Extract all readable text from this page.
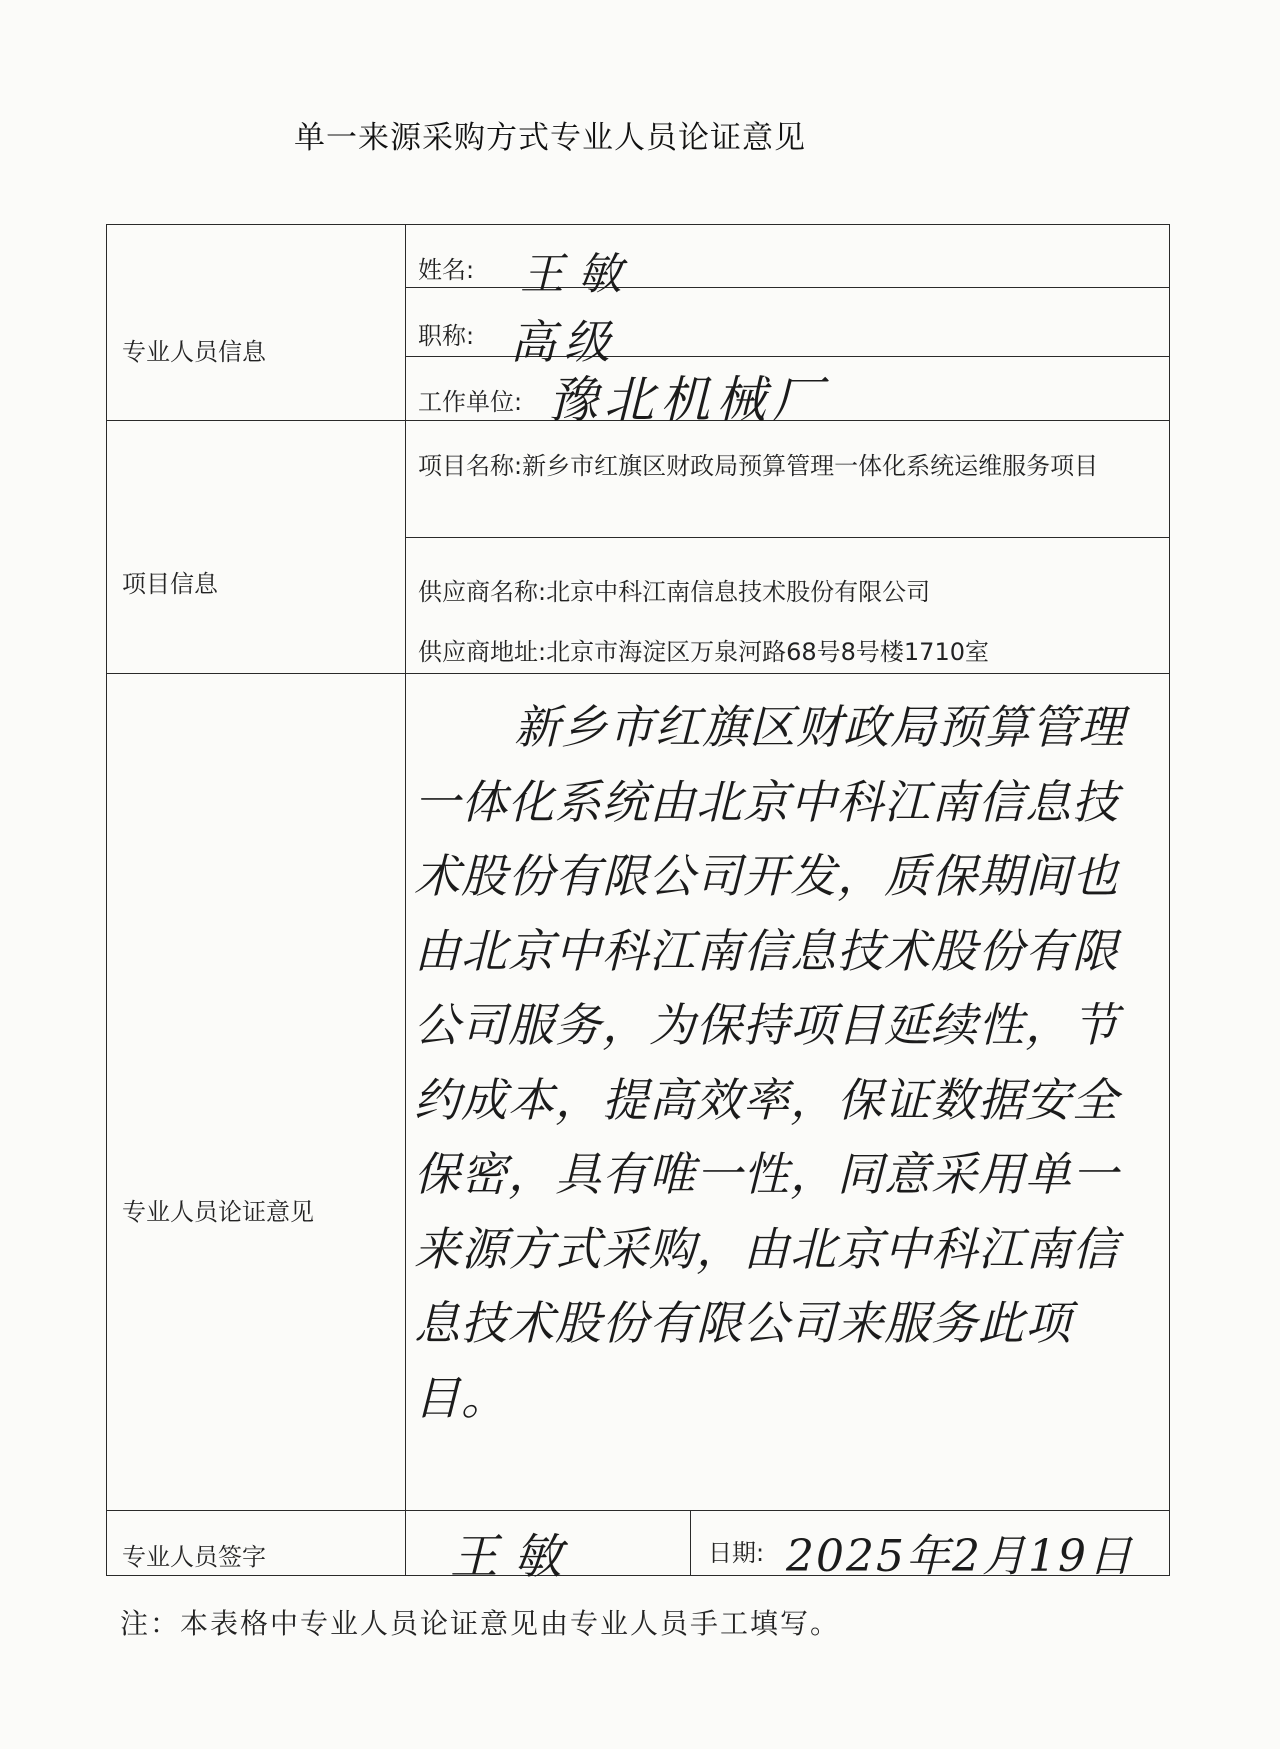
单一来源采购方式专业人员论证意见
专业人员信息
项目信息
专业人员论证意见
专业人员签字
姓名: 王敏
职称: 高级
工作单位: 豫北机械厂
项目名称:新乡市红旗区财政局预算管理一体化系统运维服务项目
供应商名称:北京中科江南信息技术股份有限公司
供应商地址:北京市海淀区万泉河路68号8号楼1710室
新乡市红旗区财政局预算管理一体化系统由北京中科江南信息技术股份有限公司开发，质保期间也由北京中科江南信息技术股份有限公司服务，为保持项目延续性，节约成本，提高效率，保证数据安全保密，具有唯一性，同意采用单一来源方式采购，由北京中科江南信息技术股份有限公司来服务此项目。
王敏	日期: 2025年2月19日
注：本表格中专业人员论证意见由专业人员手工填写。
